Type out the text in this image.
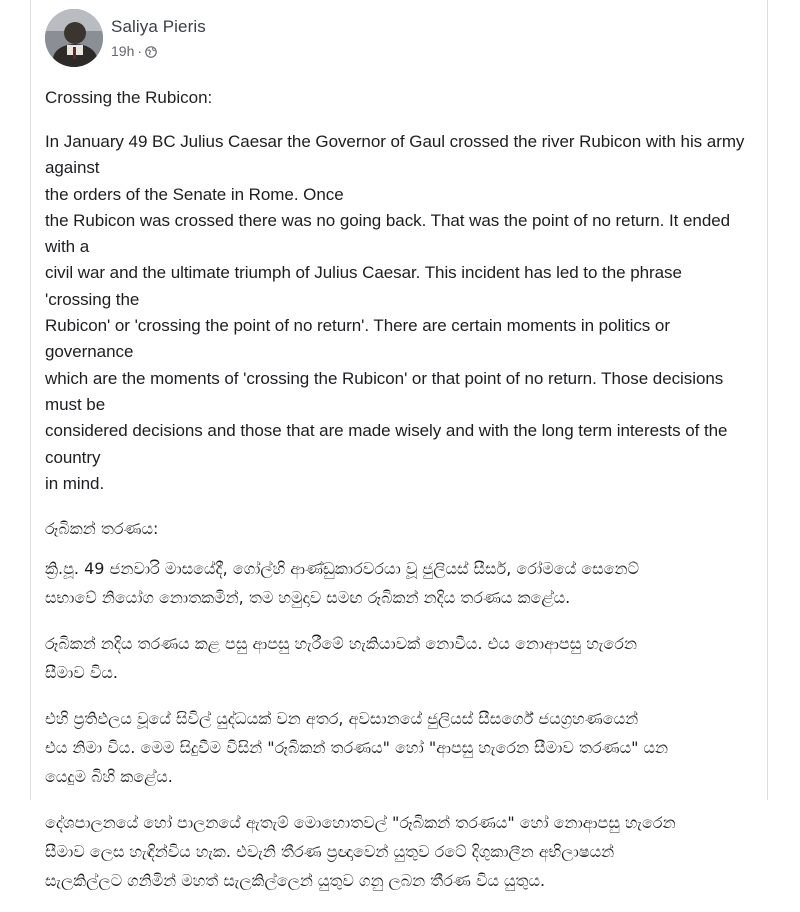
Saliya Pieris
19h ·
Crossing the Rubicon:

In January 49 BC Julius Caesar the Governor of Gaul crossed the river Rubicon with his army against
the orders of the Senate in Rome. Once
the Rubicon was crossed there was no going back. That was the point of no return. It ended with a
civil war and the ultimate triumph of Julius Caesar. This incident has led to the phrase 'crossing the
Rubicon' or 'crossing the point of no return'. There are certain moments in politics or governance
which are the moments of 'crossing the Rubicon' or that point of no return. Those decisions must be
considered decisions and those that are made wisely and with the long term interests of the country
in mind.

රූබිකන් තරණය:

ක්‍රි.පූ. 49 ජනවාරි මාසයේදී, ගෝල්හි ආණ්ඩුකාරවරයා වූ ජුලියස් සීසර්, රෝමයේ සෙනෙට්
සභාවේ නියෝග නොතකමින්, තම හමුදාව සමඟ රූබිකන් නදිය තරණය කළේය.

රූබිකන් නදිය තරණය කළ පසු ආපසු හැරීමේ හැකියාවක් නොවීය. එය නොආපසු හැරෙන
සීමාව විය.

එහි ප්‍රතිඵලය වූයේ සිවිල් යුද්ධයක් වන අතර, අවසානයේ ජුලියස් සීසර්ගේ ජයග්‍රහණයෙන්
එය නිමා විය. මෙම සිදුවීම විසින් "රූබිකන් තරණය" හෝ "ආපසු හැරෙන සීමාව තරණය" යන
යෙදුම බිහි කළේය.

දේශපාලනයේ හෝ පාලනයේ ඇතැම් මොහොතවල් "රූබිකන් තරණය" හෝ නොආපසු හැරෙන
සීමාව ලෙස හැඳින්විය හැක. එවැනි තීරණ ප්‍රඥාවෙන් යුතුව රටේ දිගුකාලීන අභිලාෂයන්
සැලකිල්ලට ගනිමින් මහත් සැලකිල්ලෙන් යුතුව ගනු ලබන තීරණ විය යුතුය.
